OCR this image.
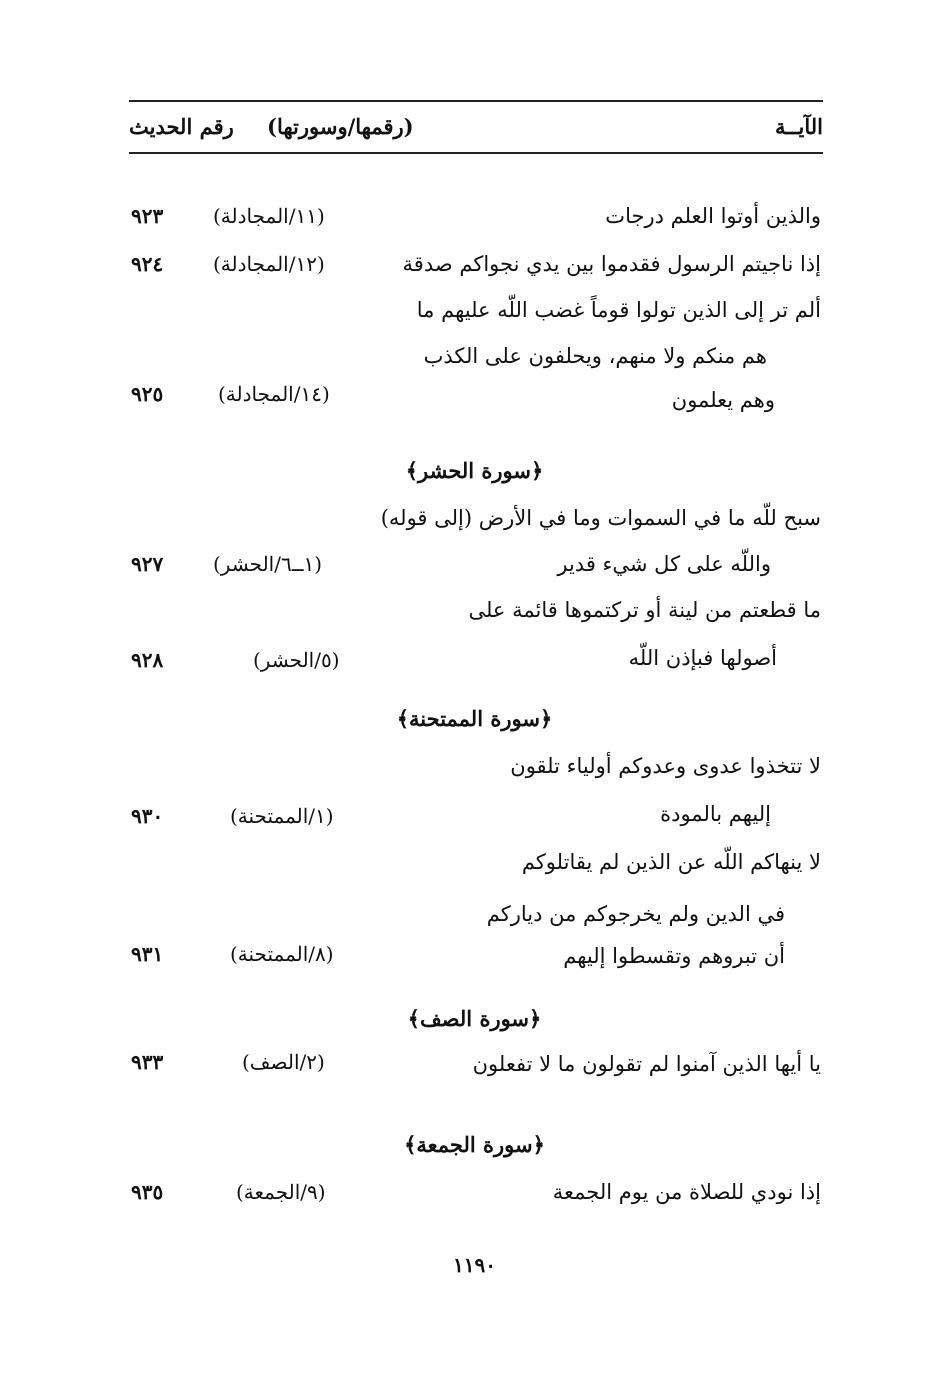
الآيــة
(رقمها/وسورتها)
رقم الحديث
والذين أوتوا العلم درجات
(١١/المجادلة)
٩٢٣
إذا ناجيتم الرسول فقدموا بين يدي نجواكم صدقة
(١٢/المجادلة)
٩٢٤
ألم تر إلى الذين تولوا قوماً غضب اللّه عليهم ما
هم منكم ولا منهم، ويحلفون على الكذب
وهم يعلمون
(١٤/المجادلة)
٩٢٥
﴿سورة الحشر﴾
سبح للّه ما في السموات وما في الأرض (إلى قوله)
واللّه على كل شيء قدير
(١ــ٦/الحشر)
٩٢٧
ما قطعتم من لينة أو تركتموها قائمة على
أصولها فبإذن اللّه
(٥/الحشر)
٩٢٨
﴿سورة الممتحنة﴾
لا تتخذوا عدوى وعدوكم أولياء تلقون
إليهم بالمودة
(١/الممتحنة)
٩٣٠
لا ينهاكم اللّه عن الذين لم يقاتلوكم
في الدين ولم يخرجوكم من دياركم
أن تبروهم وتقسطوا إليهم
(٨/الممتحنة)
٩٣١
﴿سورة الصف﴾
يا أيها الذين آمنوا لم تقولون ما لا تفعلون
(٢/الصف)
٩٣٣
﴿سورة الجمعة﴾
إذا نودي للصلاة من يوم الجمعة
(٩/الجمعة)
٩٣٥
١١٩٠
